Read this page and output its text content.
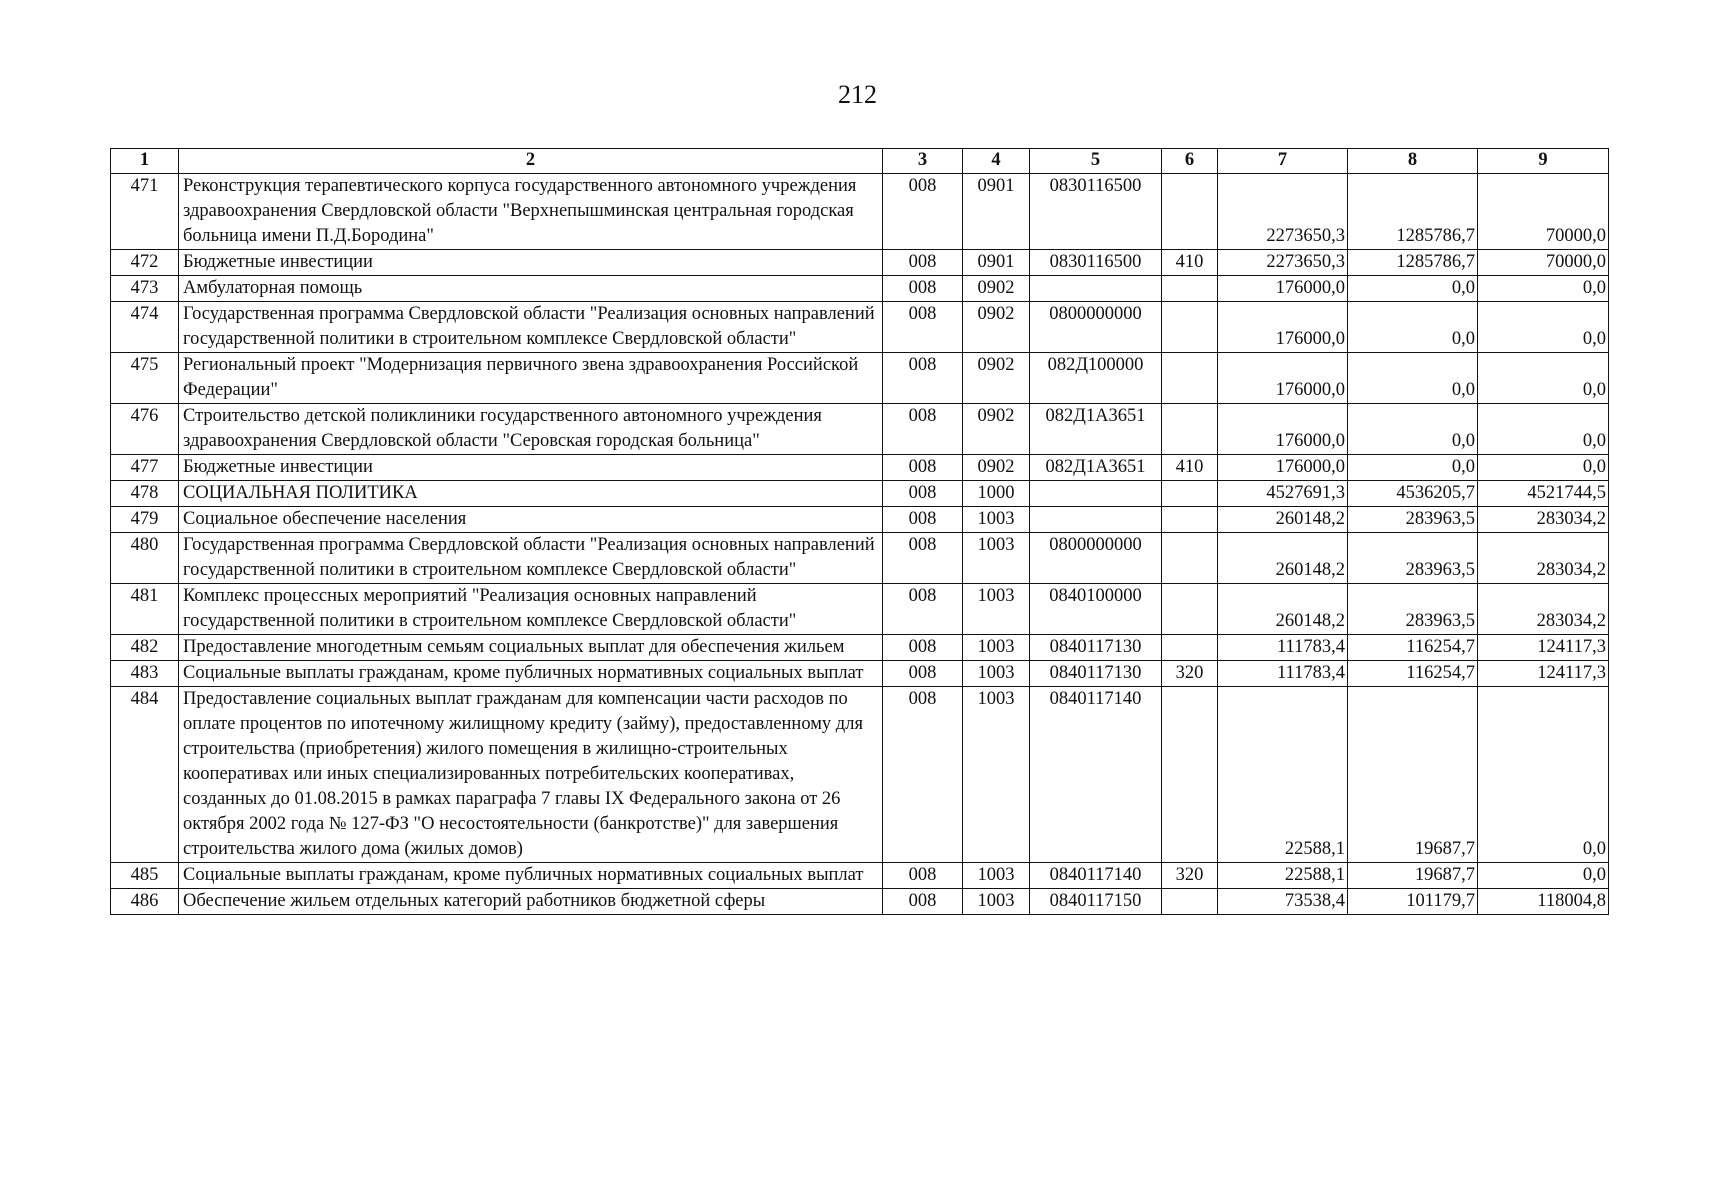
212
1	2	3	4	5	6	7	8	9
471	Реконструкция терапевтического корпуса государственного автономного учреждения здравоохранения Свердловской области "Верхнепышминская центральная городская больница имени П.Д.Бородина"	008	0901	0830116500		2273650,3	1285786,7	70000,0
472	Бюджетные инвестиции	008	0901	0830116500	410	2273650,3	1285786,7	70000,0
473	Амбулаторная помощь	008	0902			176000,0	0,0	0,0
474	Государственная программа Свердловской области "Реализация основных направлений государственной политики в строительном комплексе Свердловской области"	008	0902	0800000000		176000,0	0,0	0,0
475	Региональный проект "Модернизация первичного звена здравоохранения Российской Федерации"	008	0902	082Д100000		176000,0	0,0	0,0
476	Строительство детской поликлиники государственного автономного учреждения здравоохранения Свердловской области "Серовская городская больница"	008	0902	082Д1А3651		176000,0	0,0	0,0
477	Бюджетные инвестиции	008	0902	082Д1А3651	410	176000,0	0,0	0,0
478	СОЦИАЛЬНАЯ ПОЛИТИКА	008	1000			4527691,3	4536205,7	4521744,5
479	Социальное обеспечение населения	008	1003			260148,2	283963,5	283034,2
480	Государственная программа Свердловской области "Реализация основных направлений государственной политики в строительном комплексе Свердловской области"	008	1003	0800000000		260148,2	283963,5	283034,2
481	Комплекс процессных мероприятий "Реализация основных направлений государственной политики в строительном комплексе Свердловской области"	008	1003	0840100000		260148,2	283963,5	283034,2
482	Предоставление многодетным семьям социальных выплат для обеспечения жильем	008	1003	0840117130		111783,4	116254,7	124117,3
483	Социальные выплаты гражданам, кроме публичных нормативных социальных выплат	008	1003	0840117130	320	111783,4	116254,7	124117,3
484	Предоставление социальных выплат гражданам для компенсации части расходов по оплате процентов по ипотечному жилищному кредиту (займу), предоставленному для строительства (приобретения) жилого помещения в жилищно-строительных кооперативах или иных специализированных потребительских кооперативах, созданных до 01.08.2015 в рамках параграфа 7 главы IX Федерального закона от 26 октября 2002 года № 127-ФЗ "О несостоятельности (банкротстве)" для завершения строительства жилого дома (жилых домов)	008	1003	0840117140		22588,1	19687,7	0,0
485	Социальные выплаты гражданам, кроме публичных нормативных социальных выплат	008	1003	0840117140	320	22588,1	19687,7	0,0
486	Обеспечение жильем отдельных категорий работников бюджетной сферы	008	1003	0840117150		73538,4	101179,7	118004,8
